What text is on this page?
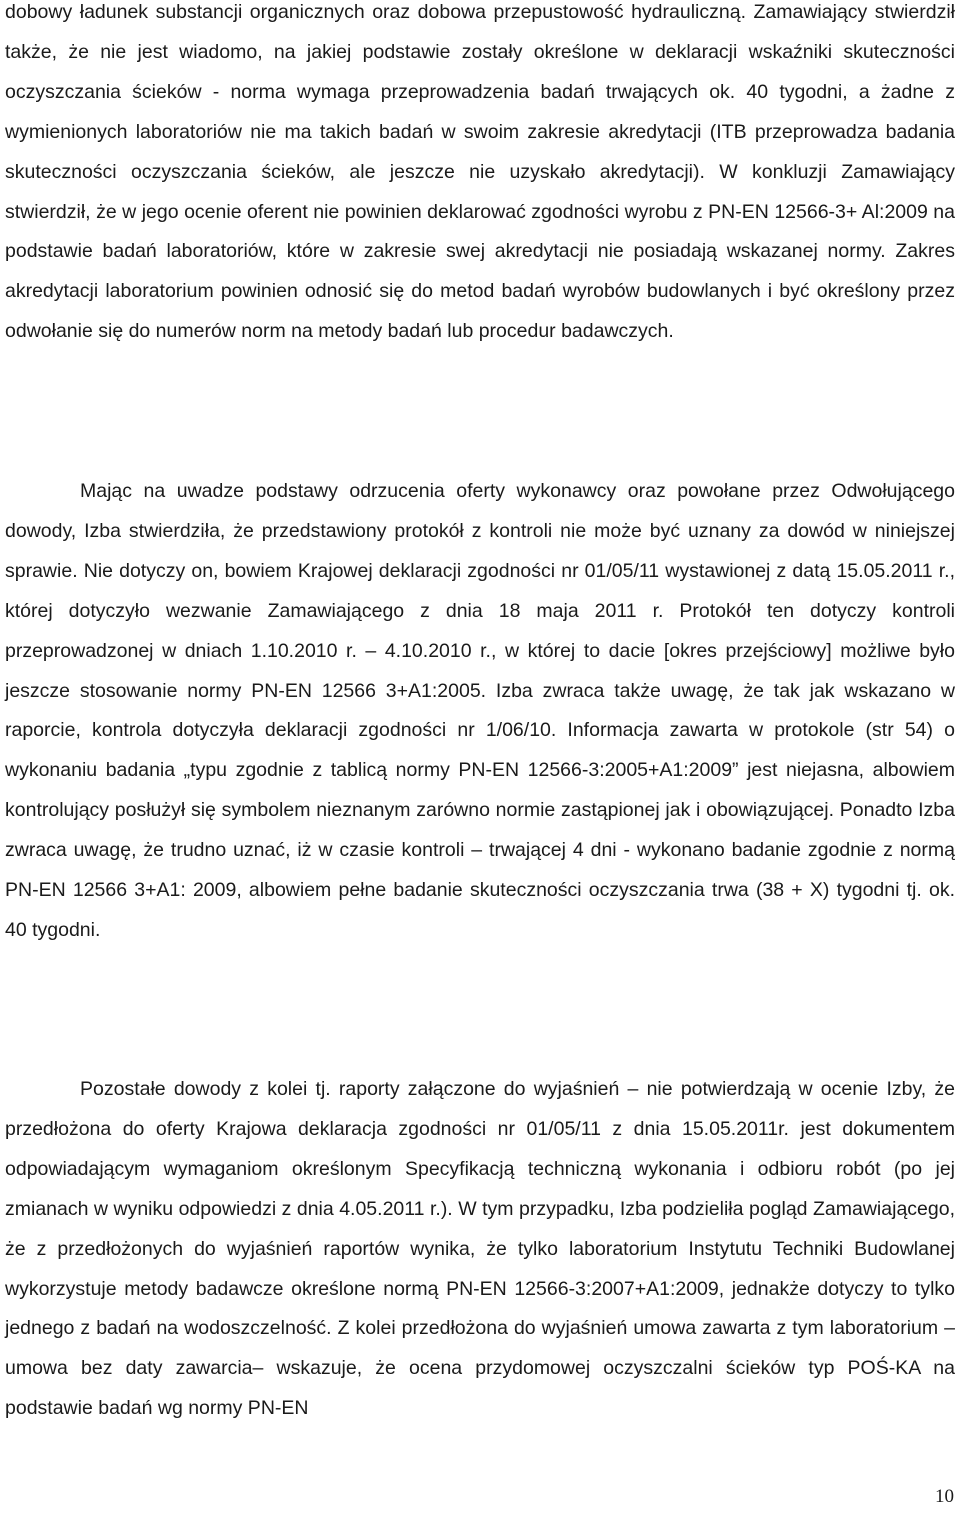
dobowy ładunek substancji organicznych oraz dobowa przepustowość hydrauliczną. Zamawiający stwierdził także, że nie jest wiadomo, na jakiej podstawie zostały określone w deklaracji wskaźniki skuteczności oczyszczania ścieków - norma wymaga przeprowadzenia badań trwających ok. 40 tygodni, a żadne z wymienionych laboratoriów nie ma takich badań w swoim zakresie akredytacji (ITB przeprowadza badania skuteczności oczyszczania ścieków, ale jeszcze nie uzyskało akredytacji). W konkluzji Zamawiający stwierdził, że w jego ocenie oferent nie powinien deklarować zgodności wyrobu z PN-EN 12566-3+ Al:2009 na podstawie badań laboratoriów, które w zakresie swej akredytacji nie posiadają wskazanej normy. Zakres akredytacji laboratorium powinien odnosić się do metod badań wyrobów budowlanych i być określony przez odwołanie się do numerów norm na metody badań lub procedur badawczych.

Mając na uwadze podstawy odrzucenia oferty wykonawcy oraz powołane przez Odwołującego dowody, Izba stwierdziła, że przedstawiony protokół z kontroli nie może być uznany za dowód w niniejszej sprawie. Nie dotyczy on, bowiem Krajowej deklaracji zgodności nr 01/05/11 wystawionej z datą 15.05.2011 r., której dotyczyło wezwanie Zamawiającego z dnia 18 maja 2011 r. Protokół ten dotyczy kontroli przeprowadzonej w dniach 1.10.2010 r. – 4.10.2010 r., w której to dacie [okres przejściowy] możliwe było jeszcze stosowanie normy PN-EN 12566 3+A1:2005. Izba zwraca także uwagę, że tak jak wskazano w raporcie, kontrola dotyczyła deklaracji zgodności nr 1/06/10. Informacja zawarta w protokole (str 54) o wykonaniu badania „typu zgodnie z tablicą normy PN-EN 12566-3:2005+A1:2009” jest niejasna, albowiem kontrolujący posłużył się symbolem nieznanym zarówno normie zastąpionej jak i obowiązującej. Ponadto Izba zwraca uwagę, że trudno uznać, iż w czasie kontroli – trwającej 4 dni - wykonano badanie zgodnie z normą PN-EN 12566 3+A1: 2009, albowiem pełne badanie skuteczności oczyszczania trwa (38 + X) tygodni tj. ok. 40 tygodni.

Pozostałe dowody z kolei tj. raporty załączone do wyjaśnień – nie potwierdzają w ocenie Izby, że przedłożona do oferty Krajowa deklaracja zgodności nr 01/05/11 z dnia 15.05.2011r. jest dokumentem odpowiadającym wymaganiom określonym Specyfikacją techniczną wykonania i odbioru robót (po jej zmianach w wyniku odpowiedzi z dnia 4.05.2011 r.). W tym przypadku, Izba podzieliła pogląd Zamawiającego, że z przedłożonych do wyjaśnień raportów wynika, że tylko laboratorium Instytutu Techniki Budowlanej wykorzystuje metody badawcze określone normą PN-EN 12566-3:2007+A1:2009, jednakże dotyczy to tylko jednego z badań na wodoszczelność. Z kolei przedłożona do wyjaśnień umowa zawarta z tym laboratorium – umowa bez daty zawarcia– wskazuje, że ocena przydomowej oczyszczalni ścieków typ POŚ-KA na podstawie badań wg normy PN-EN

10
